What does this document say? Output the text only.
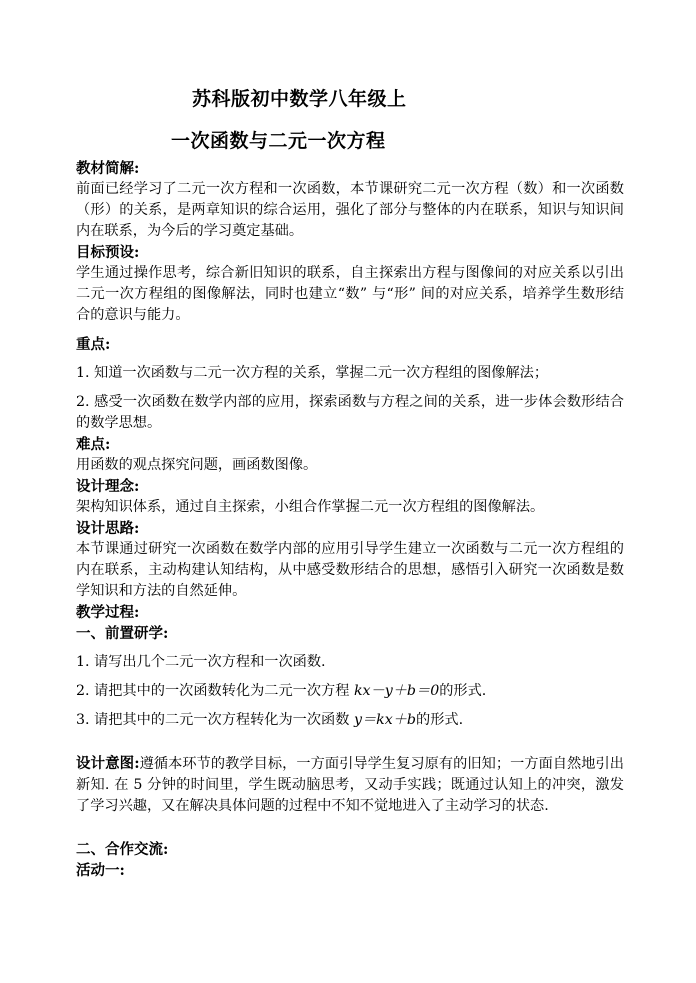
苏科版初中数学八年级上
一次函数与二元一次方程
教材简解:
前面已经学习了二元一次方程和一次函数，本节课研究二元一次方程（数）和一次函数（形）的关系，是两章知识的综合运用，强化了部分与整体的内在联系，知识与知识间内在联系，为今后的学习奠定基础。
目标预设:
学生通过操作思考，综合新旧知识的联系，自主探索出方程与图像间的对应关系以引出二元一次方程组的图像解法，同时也建立“数” 与“形” 间的对应关系，培养学生数形结合的意识与能力。
重点:
1. 知道一次函数与二元一次方程的关系，掌握二元一次方程组的图像解法；
2. 感受一次函数在数学内部的应用，探索函数与方程之间的关系，进一步体会数形结合的数学思想。
难点:
用函数的观点探究问题，画函数图像。
设计理念:
架构知识体系，通过自主探索，小组合作掌握二元一次方程组的图像解法。
设计思路:
本节课通过研究一次函数在数学内部的应用引导学生建立一次函数与二元一次方程组的内在联系，主动构建认知结构，从中感受数形结合的思想，感悟引入研究一次函数是数学知识和方法的自然延伸。
教学过程:
一、前置研学:
1. 请写出几个二元一次方程和一次函数.
2. 请把其中的一次函数转化为二元一次方程 kx－y＋b＝0的形式.
3. 请把其中的二元一次方程转化为一次函数 y＝kx＋b的形式.
设计意图:遵循本环节的教学目标，一方面引导学生复习原有的旧知；一方面自然地引出新知. 在 5 分钟的时间里，学生既动脑思考，又动手实践；既通过认知上的冲突，激发了学习兴趣，又在解决具体问题的过程中不知不觉地进入了主动学习的状态.
二、合作交流:
活动一:
